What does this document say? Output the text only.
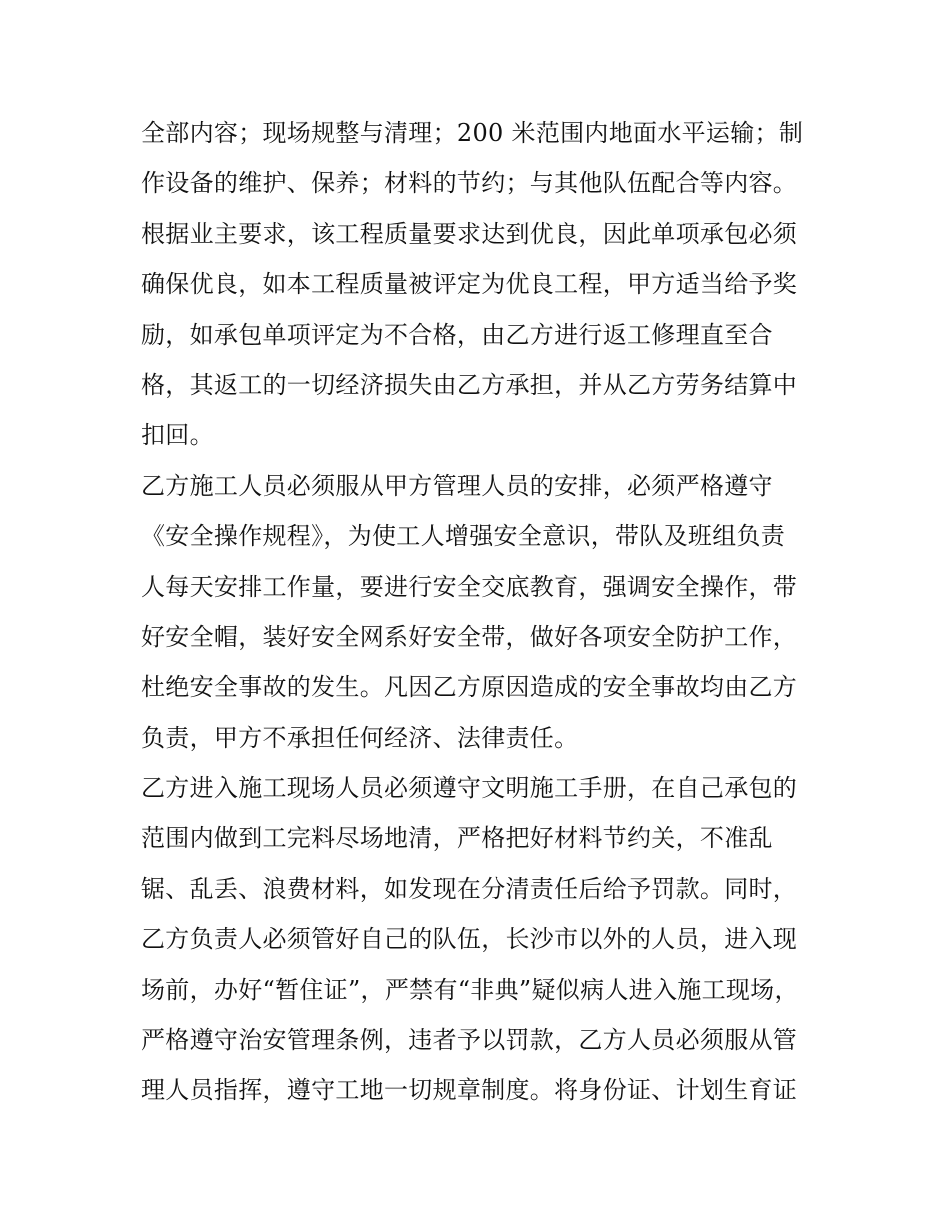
全部内容；现场规整与清理；200 米范围内地面水平运输；制
作设备的维护、保养；材料的节约；与其他队伍配合等内容。
根据业主要求，该工程质量要求达到优良，因此单项承包必须
确保优良，如本工程质量被评定为优良工程，甲方适当给予奖
励，如承包单项评定为不合格，由乙方进行返工修理直至合
格，其返工的一切经济损失由乙方承担，并从乙方劳务结算中
扣回。
乙方施工人员必须服从甲方管理人员的安排，必须严格遵守
《安全操作规程》，为使工人增强安全意识，带队及班组负责
人每天安排工作量，要进行安全交底教育，强调安全操作，带
好安全帽，装好安全网系好安全带，做好各项安全防护工作，
杜绝安全事故的发生。凡因乙方原因造成的安全事故均由乙方
负责，甲方不承担任何经济、法律责任。
乙方进入施工现场人员必须遵守文明施工手册，在自己承包的
范围内做到工完料尽场地清，严格把好材料节约关，不准乱
锯、乱丢、浪费材料，如发现在分清责任后给予罚款。同时，
乙方负责人必须管好自己的队伍，长沙市以外的人员，进入现
场前，办好“暂住证”，严禁有“非典”疑似病人进入施工现场，
严格遵守治安管理条例，违者予以罚款，乙方人员必须服从管
理人员指挥，遵守工地一切规章制度。将身份证、计划生育证
